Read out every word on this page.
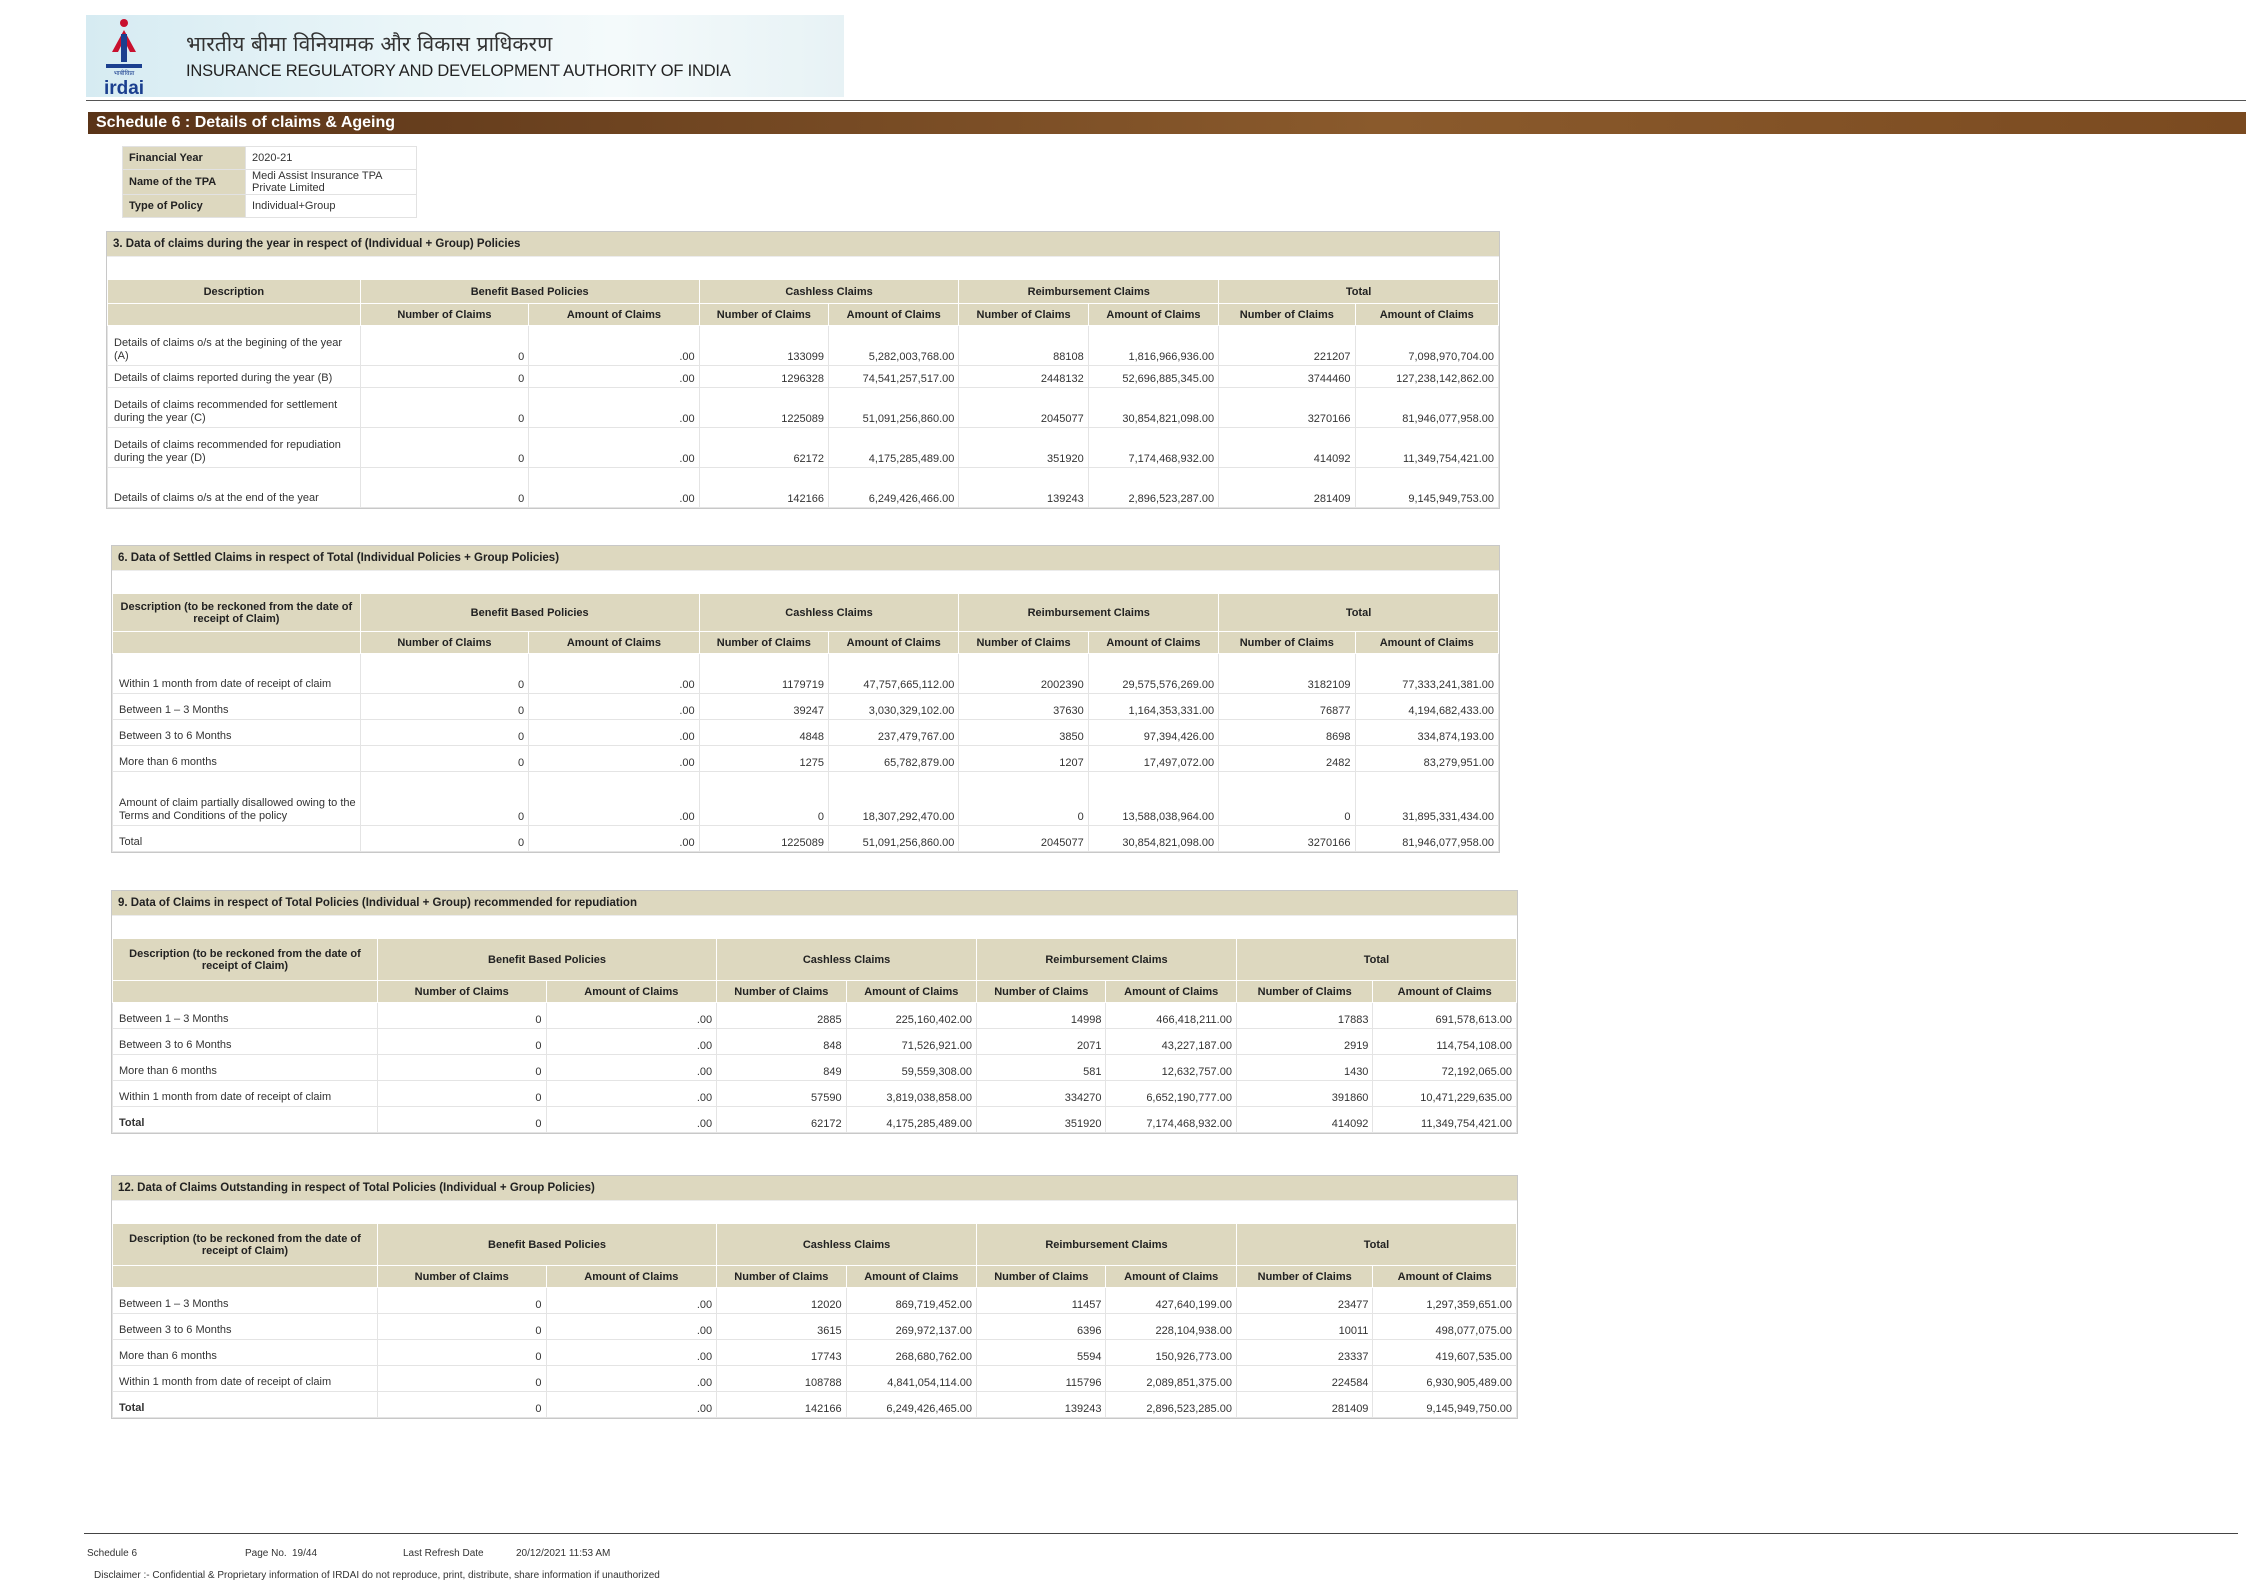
irdai
भाबीविप्रा
भारतीय बीमा विनियामक और विकास प्राधिकरण
INSURANCE REGULATORY AND DEVELOPMENT AUTHORITY OF INDIA
Schedule 6 : Details of claims & Ageing
Financial Year	2020-21
Name of the TPA	Medi Assist Insurance TPA Private Limited
Type of Policy	Individual+Group
3. Data of claims during the year in respect of (Individual + Group) Policies
Description	Benefit Based Policies		Cashless Claims		Reimbursement Claims		Total	
	Number of Claims	Amount of Claims	Number of Claims	Amount of Claims	Number of Claims	Amount of Claims	Number of Claims	Amount of Claims
Details of claims o/s at the begining of the year (A)	0	.00	133099	5,282,003,768.00	88108	1,816,966,936.00	221207	7,098,970,704.00
Details of claims reported during the year (B)	0	.00	1296328	74,541,257,517.00	2448132	52,696,885,345.00	3744460	127,238,142,862.00
Details of claims recommended for settlement during the year (C)	0	.00	1225089	51,091,256,860.00	2045077	30,854,821,098.00	3270166	81,946,077,958.00
Details of claims recommended for repudiation during the year (D)	0	.00	62172	4,175,285,489.00	351920	7,174,468,932.00	414092	11,349,754,421.00
Details of claims o/s at the end of the year	0	.00	142166	6,249,426,466.00	139243	2,896,523,287.00	281409	9,145,949,753.00
6. Data of Settled Claims in respect of Total (Individual Policies + Group Policies)
Description (to be reckoned from the date of receipt of Claim)	Benefit Based Policies		Cashless Claims		Reimbursement Claims		Total	
	Number of Claims	Amount of Claims	Number of Claims	Amount of Claims	Number of Claims	Amount of Claims	Number of Claims	Amount of Claims
Within 1 month from date of receipt of claim	0	.00	1179719	47,757,665,112.00	2002390	29,575,576,269.00	3182109	77,333,241,381.00
Between 1 – 3 Months	0	.00	39247	3,030,329,102.00	37630	1,164,353,331.00	76877	4,194,682,433.00
Between 3 to 6 Months	0	.00	4848	237,479,767.00	3850	97,394,426.00	8698	334,874,193.00
More than 6 months	0	.00	1275	65,782,879.00	1207	17,497,072.00	2482	83,279,951.00
Amount of claim partially disallowed owing to the Terms and Conditions of the policy	0	.00	0	18,307,292,470.00	0	13,588,038,964.00	0	31,895,331,434.00
Total	0	.00	1225089	51,091,256,860.00	2045077	30,854,821,098.00	3270166	81,946,077,958.00
9. Data of Claims in respect of Total Policies (Individual + Group) recommended for repudiation
Description (to be reckoned from the date of receipt of Claim)	Benefit Based Policies		Cashless Claims		Reimbursement Claims		Total	
	Number of Claims	Amount of Claims	Number of Claims	Amount of Claims	Number of Claims	Amount of Claims	Number of Claims	Amount of Claims
Between 1 – 3 Months	0	.00	2885	225,160,402.00	14998	466,418,211.00	17883	691,578,613.00
Between 3 to 6 Months	0	.00	848	71,526,921.00	2071	43,227,187.00	2919	114,754,108.00
More than 6 months	0	.00	849	59,559,308.00	581	12,632,757.00	1430	72,192,065.00
Within 1 month from date of receipt of claim	0	.00	57590	3,819,038,858.00	334270	6,652,190,777.00	391860	10,471,229,635.00
Total	0	.00	62172	4,175,285,489.00	351920	7,174,468,932.00	414092	11,349,754,421.00
12. Data of Claims Outstanding in respect of Total Policies (Individual + Group Policies)
Description (to be reckoned from the date of receipt of Claim)	Benefit Based Policies		Cashless Claims		Reimbursement Claims		Total	
	Number of Claims	Amount of Claims	Number of Claims	Amount of Claims	Number of Claims	Amount of Claims	Number of Claims	Amount of Claims
Between 1 – 3 Months	0	.00	12020	869,719,452.00	11457	427,640,199.00	23477	1,297,359,651.00
Between 3 to 6 Months	0	.00	3615	269,972,137.00	6396	228,104,938.00	10011	498,077,075.00
More than 6 months	0	.00	17743	268,680,762.00	5594	150,926,773.00	23337	419,607,535.00
Within 1 month from date of receipt of claim	0	.00	108788	4,841,054,114.00	115796	2,089,851,375.00	224584	6,930,905,489.00
Total	0	.00	142166	6,249,426,465.00	139243	2,896,523,285.00	281409	9,145,949,750.00
Schedule 6	Page No. 19/44	Last Refresh Date	20/12/2021 11:53 AM
Disclaimer :- Confidential & Proprietary information of IRDAI do not reproduce, print, distribute, share information if unauthorized
